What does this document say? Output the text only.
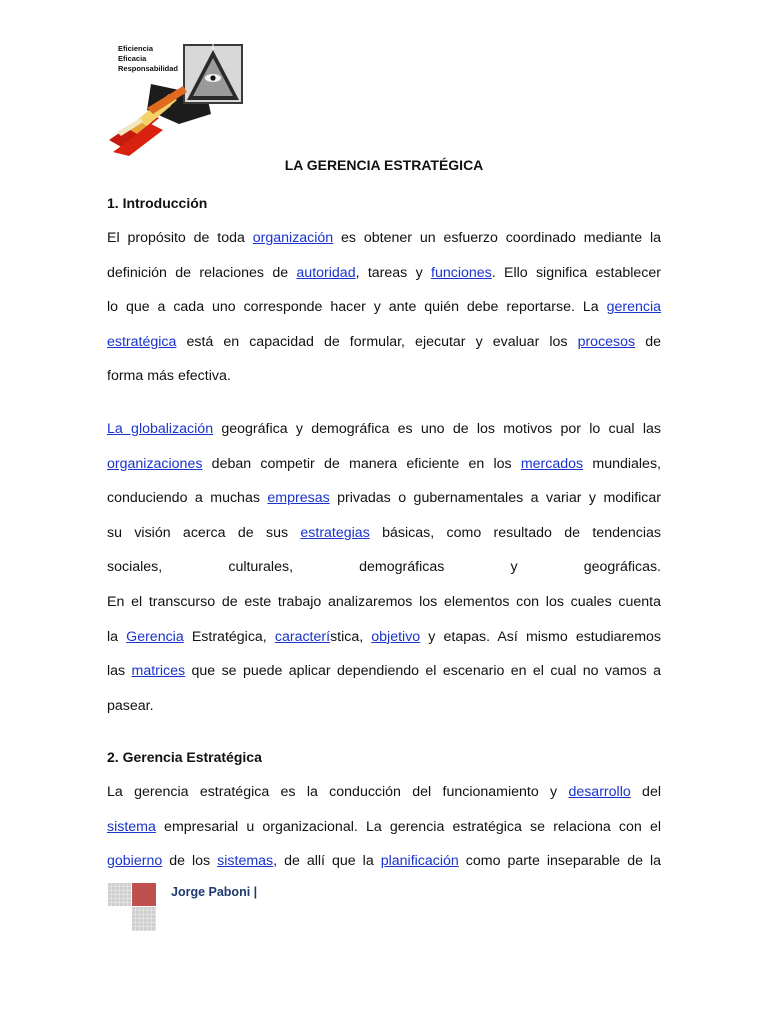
Eficiencia
Eficacia
Responsabilidad
LA GERENCIA ESTRATÉGICA
1. Introducción
El propósito de toda organización es obtener un esfuerzo coordinado mediante la
definición de relaciones de autoridad, tareas y funciones. Ello significa establecer
lo que a cada uno corresponde hacer y ante quién debe reportarse. La gerencia
estratégica está en capacidad de formular, ejecutar y evaluar los procesos de
forma más efectiva.
La globalización geográfica y demográfica es uno de los motivos por lo cual las
organizaciones deban competir de manera eficiente en los mercados mundiales,
conduciendo a muchas empresas privadas o gubernamentales a variar y modificar
su visión acerca de sus estrategias básicas, como resultado de tendencias
sociales,	culturales,	demográficas	y	geográficas.
En el transcurso de este trabajo analizaremos los elementos con los cuales cuenta
la Gerencia Estratégica, característica, objetivo y etapas. Así mismo estudiaremos
las matrices que se puede aplicar dependiendo el escenario en el cual no vamos a
pasear.
2. Gerencia Estratégica
La gerencia estratégica es la conducción del funcionamiento y desarrollo del
sistema empresarial u organizacional. La gerencia estratégica se relaciona con el
gobierno de los sistemas, de allí que la planificación como parte inseparable de la
Jorge Paboni |
